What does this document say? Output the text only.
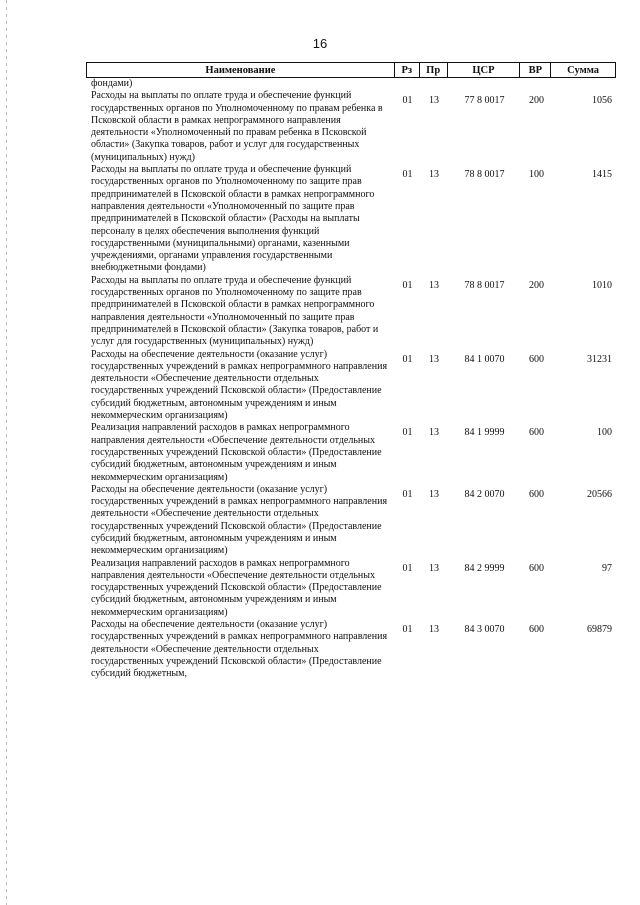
16
Наименование	Рз	Пр	ЦСР	ВР	Сумма
фондами)
Расходы на выплаты по оплате труда и обеспечение функций государственных органов по Уполномоченному по правам ребенка в Псковской области в рамках непрограммного направления деятельности «Уполномоченный по правам ребенка в Псковской области» (Закупка товаров, работ и услуг для государственных (муниципальных) нужд)
01	13	77 8 0017	200	1056
Расходы на выплаты по оплате труда и обеспечение функций государственных органов по Уполномоченному по защите прав предпринимателей в Псковской области в рамках непрограммного направления деятельности «Уполномоченный по защите прав предпринимателей в Псковской области» (Расходы на выплаты персоналу в целях обеспечения выполнения функций государственными (муниципальными) органами, казенными учреждениями, органами управления государственными внебюджетными фондами)
01	13	78 8 0017	100	1415
Расходы на выплаты по оплате труда и обеспечение функций государственных органов по Уполномоченному по защите прав предпринимателей в Псковской области в рамках непрограммного направления деятельности «Уполномоченный по защите прав предпринимателей в Псковской области» (Закупка товаров, работ и услуг для государственных (муниципальных) нужд)
01	13	78 8 0017	200	1010
Расходы на обеспечение деятельности (оказание услуг) государственных учреждений в рамках непрограммного направления деятельности «Обеспечение деятельности отдельных государственных учреждений Псковской области» (Предоставление субсидий бюджетным, автономным учреждениям и иным некоммерческим организациям)
01	13	84 1 0070	600	31231
Реализация направлений расходов в рамках непрограммного направления деятельности «Обеспечение деятельности отдельных государственных учреждений Псковской области» (Предоставление субсидий бюджетным, автономным учреждениям и иным некоммерческим организациям)
01	13	84 1 9999	600	100
Расходы на обеспечение деятельности (оказание услуг) государственных учреждений в рамках непрограммного направления деятельности «Обеспечение деятельности отдельных государственных учреждений Псковской области» (Предоставление субсидий бюджетным, автономным учреждениям и иным некоммерческим организациям)
01	13	84 2 0070	600	20566
Реализация направлений расходов в рамках непрограммного направления деятельности «Обеспечение деятельности отдельных государственных учреждений Псковской области» (Предоставление субсидий бюджетным, автономным учреждениям и иным некоммерческим организациям)
01	13	84 2 9999	600	97
Расходы на обеспечение деятельности (оказание услуг) государственных учреждений в рамках непрограммного направления деятельности «Обеспечение деятельности отдельных государственных учреждений Псковской области» (Предоставление субсидий бюджетным,
01	13	84 3 0070	600	69879
